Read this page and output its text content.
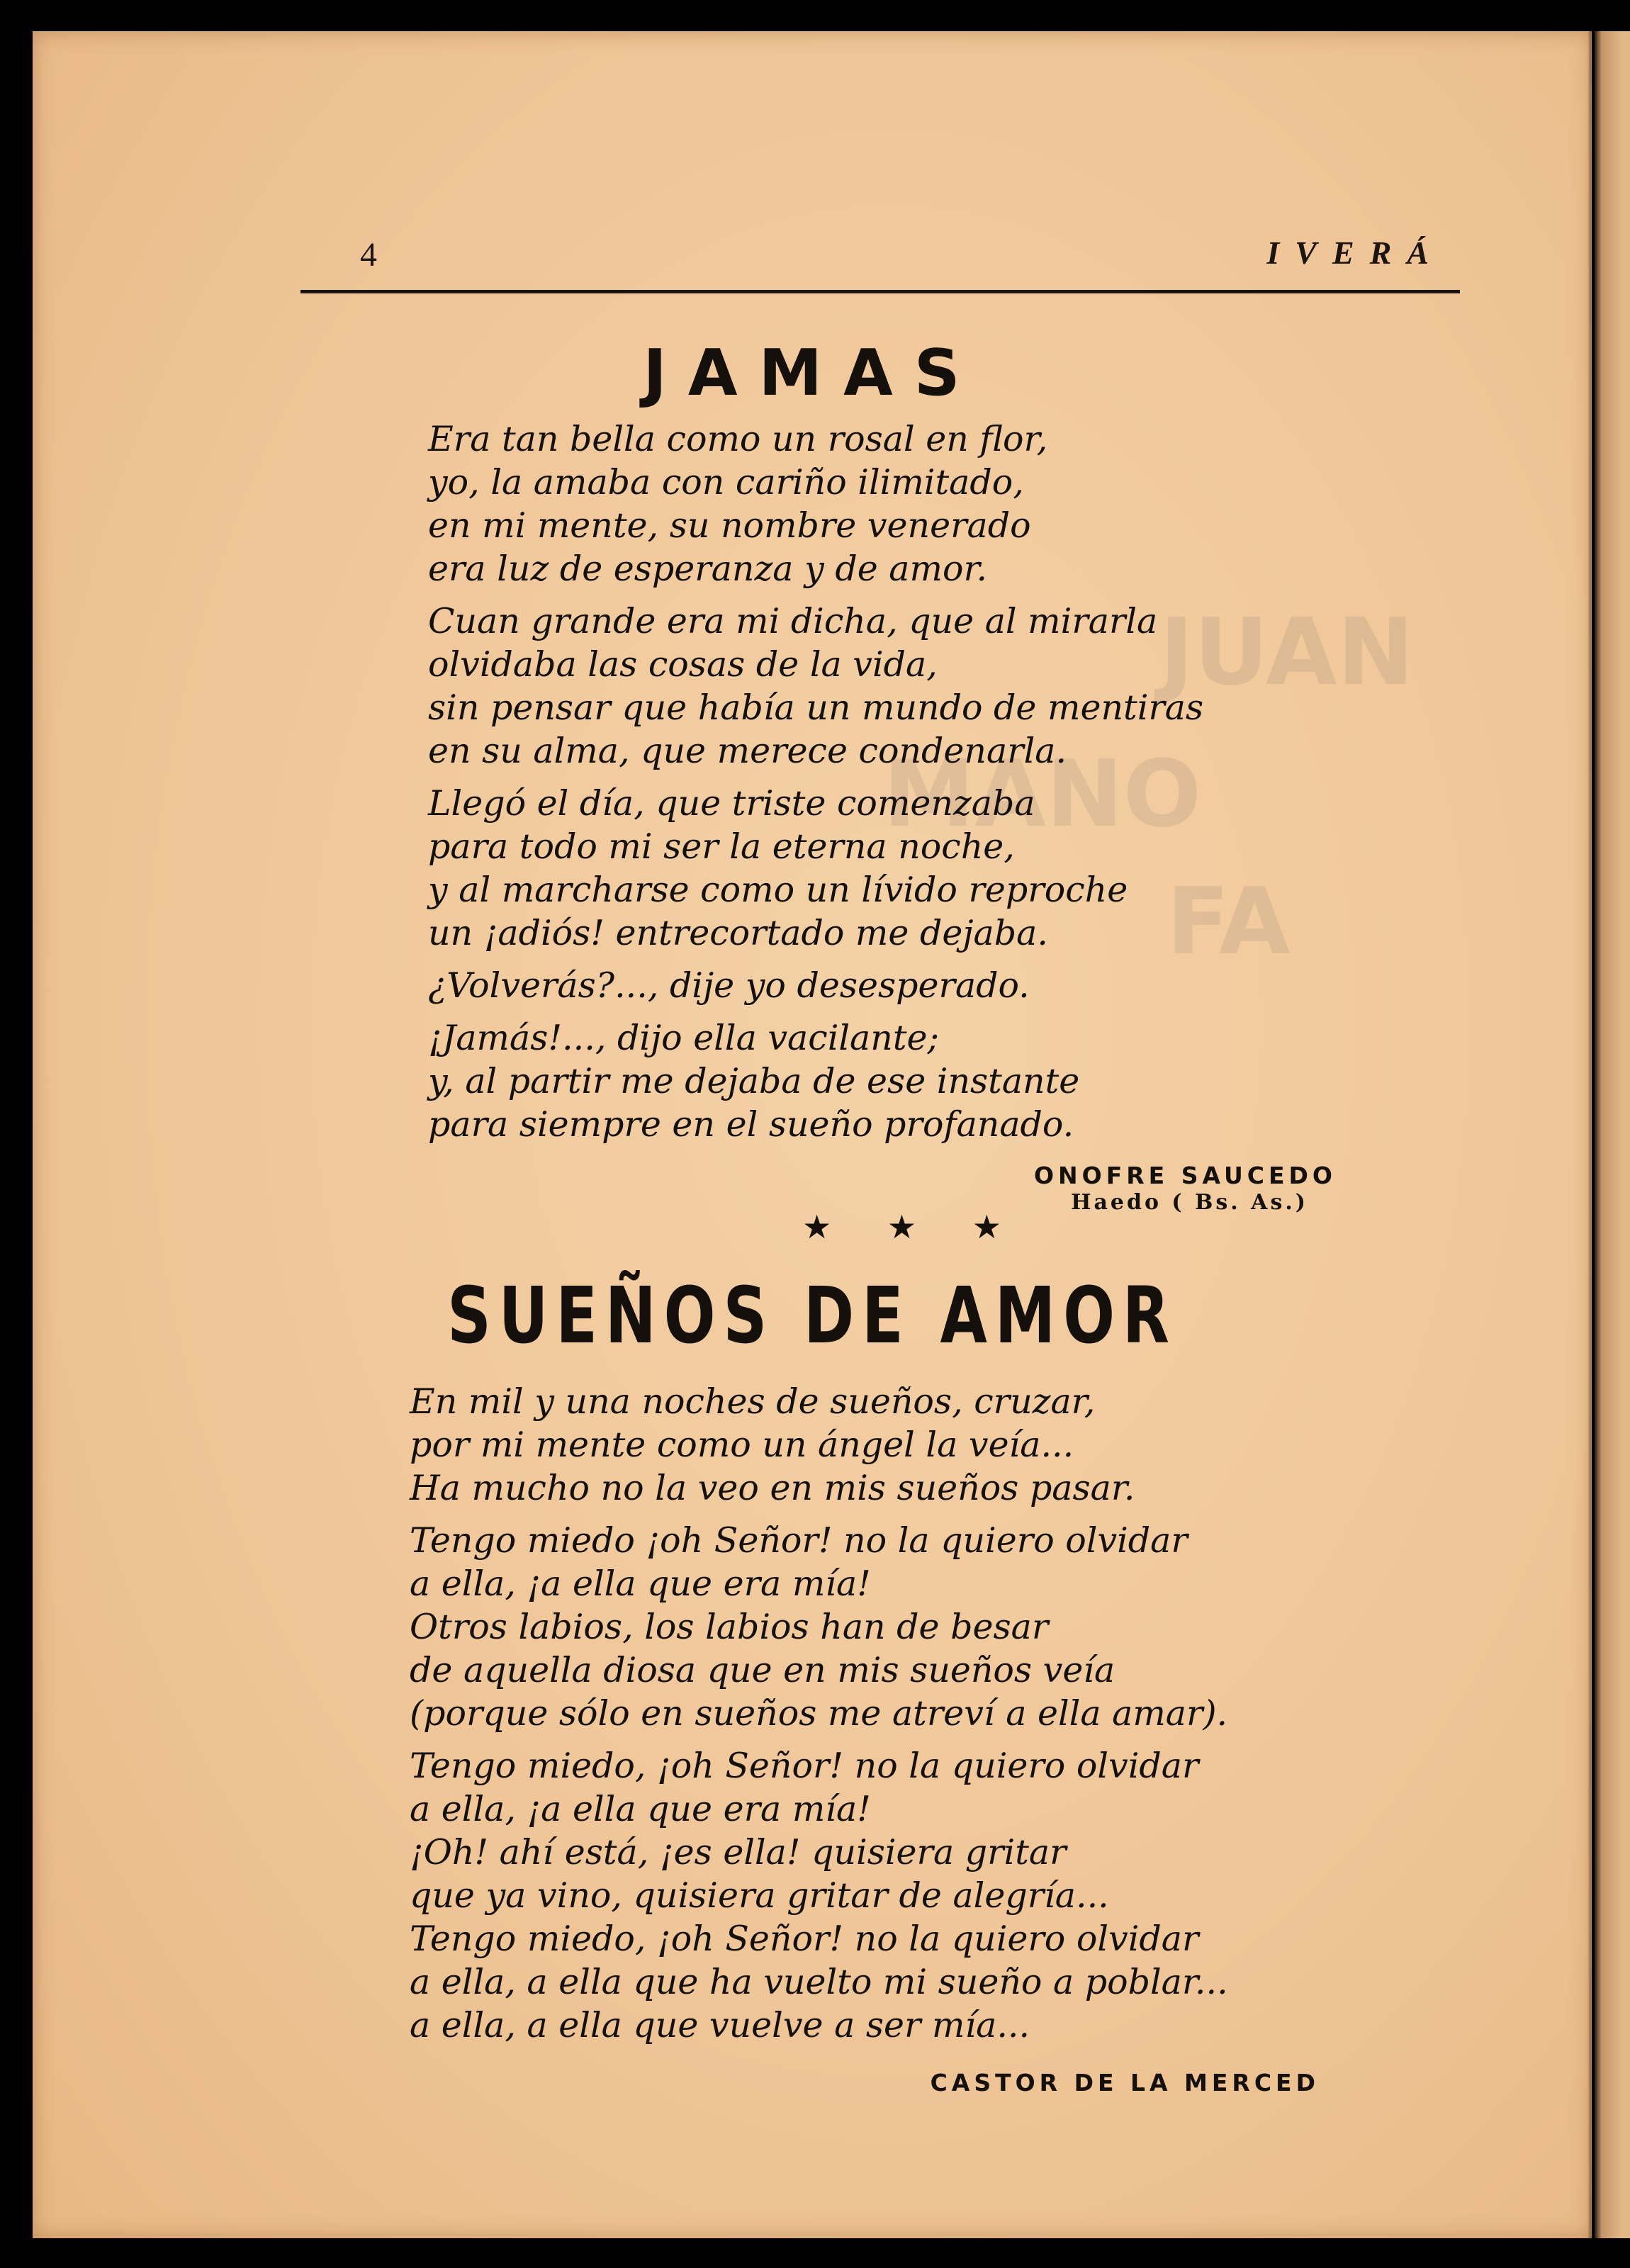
JUAN
MANO
FA
4	IVERÁ
JAMAS
Era tan bella como un rosal en flor,
yo, la amaba con cariño ilimitado,
en mi mente, su nombre venerado
era luz de esperanza y de amor.
Cuan grande era mi dicha, que al mirarla
olvidaba las cosas de la vida,
sin pensar que había un mundo de mentiras
en su alma, que merece condenarla.
Llegó el día, que triste comenzaba
para todo mi ser la eterna noche,
y al marcharse como un lívido reproche
un ¡adiós! entrecortado me dejaba.
¿Volverás?..., dije yo desesperado.
¡Jamás!..., dijo ella vacilante;
y, al partir me dejaba de ese instante
para siempre en el sueño profanado.
ONOFRE SAUCEDO
Haedo ( Bs. As.)
★ ★ ★
SUEÑOS DE AMOR
En mil y una noches de sueños, cruzar,
por mi mente como un ángel la veía...
Ha mucho no la veo en mis sueños pasar.
Tengo miedo ¡oh Señor! no la quiero olvidar
a ella, ¡a ella que era mía!
Otros labios, los labios han de besar
de aquella diosa que en mis sueños veía
(porque sólo en sueños me atreví a ella amar).
Tengo miedo, ¡oh Señor! no la quiero olvidar
a ella, ¡a ella que era mía!
¡Oh! ahí está, ¡es ella! quisiera gritar
que ya vino, quisiera gritar de alegría...
Tengo miedo, ¡oh Señor! no la quiero olvidar
a ella, a ella que ha vuelto mi sueño a poblar...
a ella, a ella que vuelve a ser mía...
CASTOR DE LA MERCED
